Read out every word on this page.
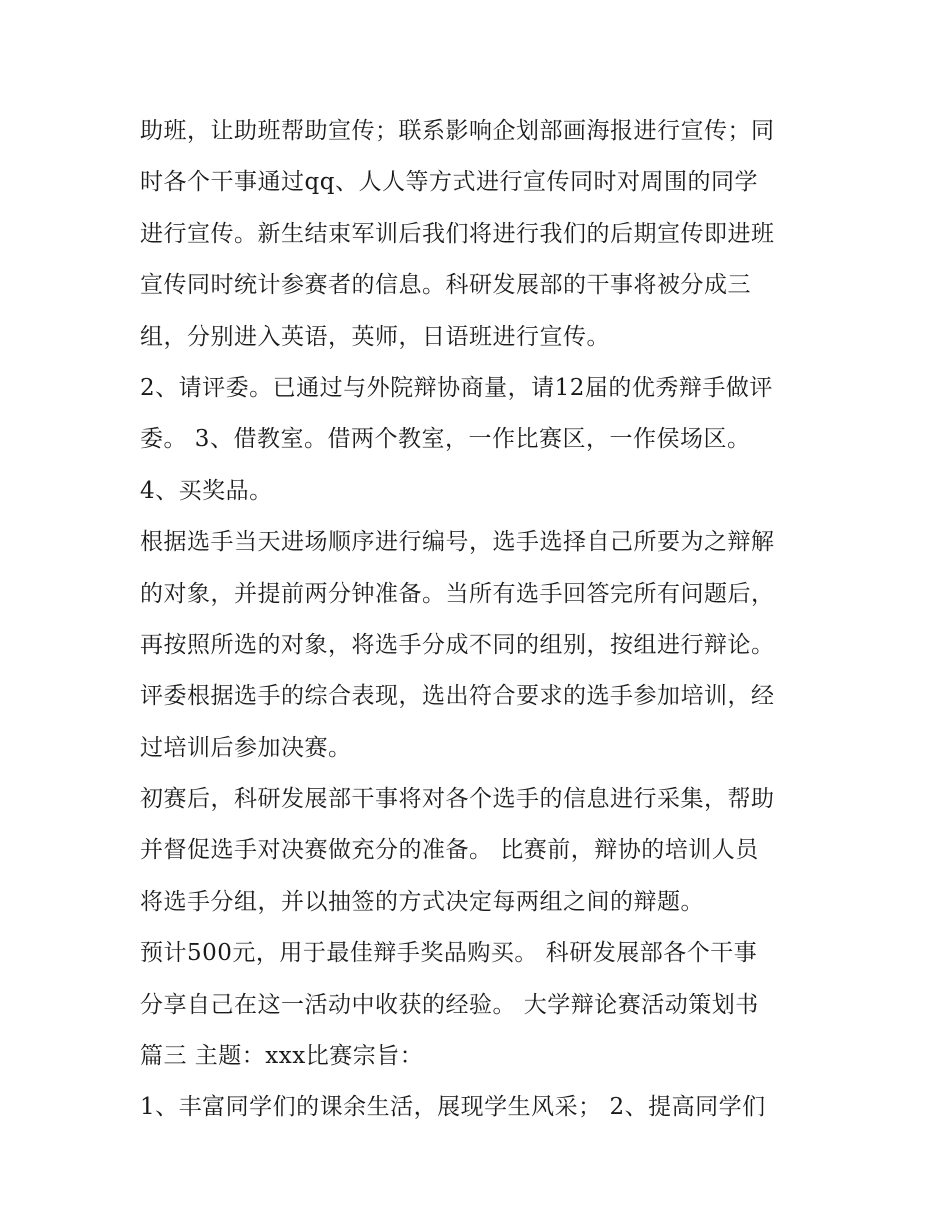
助班，让助班帮助宣传；联系影响企划部画海报进行宣传；同
时各个干事通过qq、人人等方式进行宣传同时对周围的同学
进行宣传。新生结束军训后我们将进行我们的后期宣传即进班
宣传同时统计参赛者的信息。科研发展部的干事将被分成三
组，分别进入英语，英师，日语班进行宣传。
2、请评委。已通过与外院辩协商量，请12届的优秀辩手做评
委。 3、借教室。借两个教室，一作比赛区，一作侯场区。
4、买奖品。
根据选手当天进场顺序进行编号，选手选择自己所要为之辩解
的对象，并提前两分钟准备。当所有选手回答完所有问题后，
再按照所选的对象，将选手分成不同的组别，按组进行辩论。
评委根据选手的综合表现，选出符合要求的选手参加培训，经
过培训后参加决赛。
初赛后，科研发展部干事将对各个选手的信息进行采集，帮助
并督促选手对决赛做充分的准备。 比赛前，辩协的培训人员
将选手分组，并以抽签的方式决定每两组之间的辩题。
预计500元，用于最佳辩手奖品购买。 科研发展部各个干事
分享自己在这一活动中收获的经验。 大学辩论赛活动策划书
篇三 主题：xxx比赛宗旨：
1、丰富同学们的课余生活，展现学生风采； 2、提高同学们
